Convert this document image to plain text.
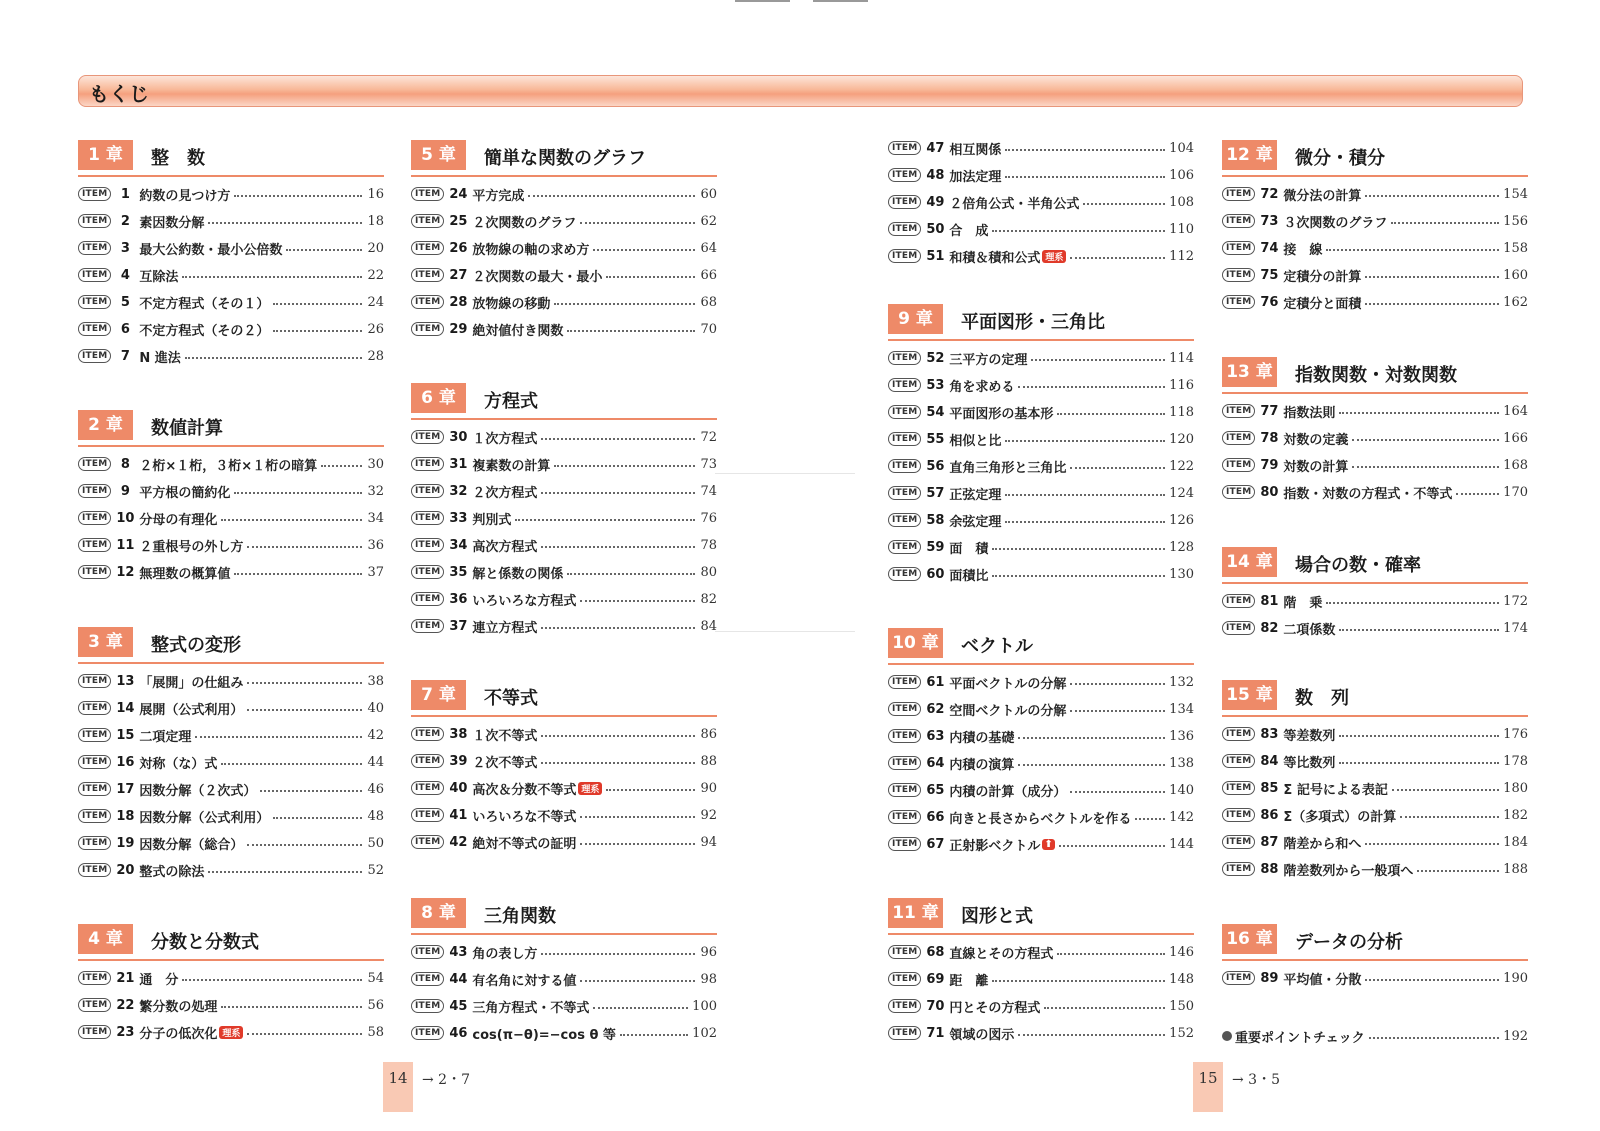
もくじ
1 章	整　数
ITEM	1 約数の見つけ方	16
ITEM	2 素因数分解	18
ITEM	3 最大公約数・最小公倍数	20
ITEM	4 互除法	22
ITEM	5 不定方程式（その１）	24
ITEM	6 不定方程式（その２）	26
ITEM	7 N 進法	28
2 章	数値計算
ITEM	8 ２桁×１桁，３桁×１桁の暗算	30
ITEM	9 平方根の簡約化	32
ITEM 10 分母の有理化	34
ITEM 11 ２重根号の外し方	36
ITEM 12 無理数の概算値	37
3 章	整式の変形
ITEM 13 「展開」の仕組み	38
ITEM 14 展開（公式利用）	40
ITEM 15 二項定理	42
ITEM 16 対称（な）式	44
ITEM 17 因数分解（２次式）	46
ITEM 18 因数分解（公式利用）	48
ITEM 19 因数分解（総合）	50
ITEM 20 整式の除法	52
4 章	分数と分数式
ITEM 21 通　分	54
ITEM 22 繁分数の処理	56
ITEM 23 分子の低次化 理系	58
5 章	簡単な関数のグラフ
ITEM 24 平方完成	60
ITEM 25 ２次関数のグラフ	62
ITEM 26 放物線の軸の求め方	64
ITEM 27 ２次関数の最大・最小	66
ITEM 28 放物線の移動	68
ITEM 29 絶対値付き関数	70
6 章	方程式
ITEM 30 １次方程式	72
ITEM 31 複素数の計算	73
ITEM 32 ２次方程式	74
ITEM 33 判別式	76
ITEM 34 高次方程式	78
ITEM 35 解と係数の関係	80
ITEM 36 いろいろな方程式	82
ITEM 37 連立方程式	84
7 章	不等式
ITEM 38 １次不等式	86
ITEM 39 ２次不等式	88
ITEM 40 高次＆分数不等式 理系	90
ITEM 41 いろいろな不等式	92
ITEM 42 絶対不等式の証明	94
8 章	三角関数
ITEM 43 角の表し方	96
ITEM 44 有名角に対する値	98
ITEM 45 三角方程式・不等式	100
ITEM 46 cos(π−θ)=−cos θ 等	102
ITEM 47 相互関係	104
ITEM 48 加法定理	106
ITEM 49 ２倍角公式・半角公式	108
ITEM 50 合　成	110
ITEM 51 和積＆積和公式 理系	112
9 章	平面図形・三角比
ITEM 52 三平方の定理	114
ITEM 53 角を求める	116
ITEM 54 平面図形の基本形	118
ITEM 55 相似と比	120
ITEM 56 直角三角形と三角比	122
ITEM 57 正弦定理	124
ITEM 58 余弦定理	126
ITEM 59 面　積	128
ITEM 60 面積比	130
10 章 ベクトル
ITEM 61 平面ベクトルの分解	132
ITEM 62 空間ベクトルの分解	134
ITEM 63 内積の基礎	136
ITEM 64 内積の演算	138
ITEM 65 内積の計算（成分）	140
ITEM 66 向きと長さからベクトルを作る	142
ITEM 67 正射影ベクトル ⬆	144
11 章 図形と式
ITEM 68 直線とその方程式	146
ITEM 69 距　離	148
ITEM 70 円とその方程式	150
ITEM 71 領域の図示	152
12 章 微分・積分
ITEM 72 微分法の計算	154
ITEM 73 ３次関数のグラフ	156
ITEM 74 接　線	158
ITEM 75 定積分の計算	160
ITEM 76 定積分と面積	162
13 章 指数関数・対数関数
ITEM 77 指数法則	164
ITEM 78 対数の定義	166
ITEM 79 対数の計算	168
ITEM 80 指数・対数の方程式・不等式	170
14 章 場合の数・確率
ITEM 81 階　乗	172
ITEM 82 二項係数	174
15 章 数　列
ITEM 83 等差数列	176
ITEM 84 等比数列	178
ITEM 85 Σ 記号による表記	180
ITEM 86 Σ（多項式）の計算	182
ITEM 87 階差から和へ	184
ITEM 88 階差数列から一般項へ	188
16 章 データの分析
ITEM 89 平均値・分散	190
重要ポイントチェック	192
14	→ 2・7	15	→ 3・5
